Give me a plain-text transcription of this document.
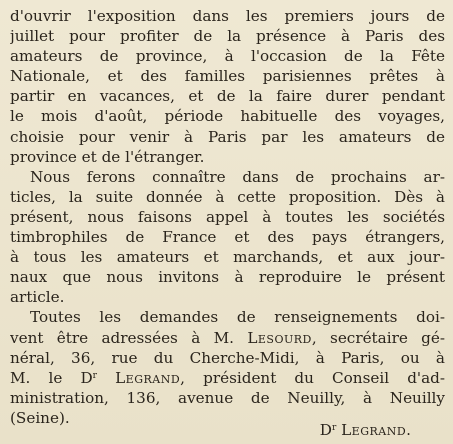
d'ouvrir l'exposition dans les premiers jours de
juillet pour profiter de la présence à Paris des
amateurs de province, à l'occasion de la Fête
Nationale, et des familles parisiennes prêtes à
partir en vacances, et de la faire durer pendant
le mois d'août, période habituelle des voyages,
choisie pour venir à Paris par les amateurs de
province et de l'étranger.
Nous ferons connaître dans de prochains ar-
ticles, la suite donnée à cette proposition. Dès à
présent, nous faisons appel à toutes les sociétés
timbrophiles de France et des pays étrangers,
à tous les amateurs et marchands, et aux jour-
naux que nous invitons à reproduire le présent
article.
Toutes les demandes de renseignements doi-
vent être adressées à M. Lesourd, secrétaire gé-
néral, 36, rue du Cherche-Midi, à Paris, ou à
M. le $D^r$ Legrand, président du Conseil d'ad-
ministration, 136, avenue de Neuilly, à Neuilly
(Seine).
$D^r$ Legrand.
